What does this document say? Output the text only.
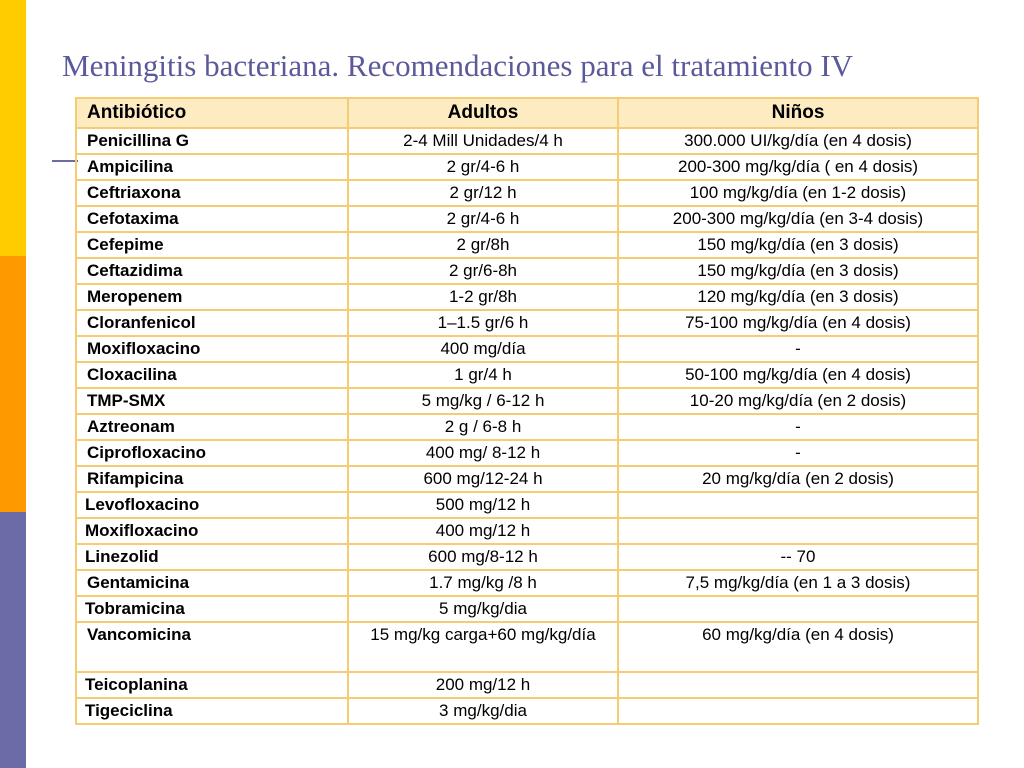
Meningitis bacteriana. Recomendaciones para el tratamiento IV
Antibiótico	Adultos	Niños
Penicillina G	2-4 Mill Unidades/4 h	300.000 UI/kg/día (en 4 dosis)
Ampicilina	2 gr/4-6 h	200-300 mg/kg/día ( en 4 dosis)
Ceftriaxona	2 gr/12 h	100 mg/kg/día (en 1-2 dosis)
Cefotaxima	2 gr/4-6 h	200-300 mg/kg/día (en 3-4 dosis)
Cefepime	2 gr/8h	150 mg/kg/día (en 3 dosis)
Ceftazidima	2 gr/6-8h	150 mg/kg/día (en 3 dosis)
Meropenem	1-2 gr/8h	120 mg/kg/día (en 3 dosis)
Cloranfenicol	1–1.5 gr/6 h	75-100 mg/kg/día (en 4 dosis)
Moxifloxacino	400 mg/día	-
Cloxacilina	1 gr/4 h	50-100 mg/kg/día (en 4 dosis)
TMP-SMX	5 mg/kg / 6-12 h	10-20 mg/kg/día (en 2 dosis)
Aztreonam	2 g / 6-8 h	-
Ciprofloxacino	400 mg/ 8-12 h	-
Rifampicina	600 mg/12-24 h	20 mg/kg/día (en 2 dosis)
Levofloxacino	500 mg/12 h	
Moxifloxacino	400 mg/12 h	
Linezolid	600 mg/8-12 h	-- 70
Gentamicina	1.7 mg/kg /8 h	7,5 mg/kg/día (en 1 a 3 dosis)
Tobramicina	5 mg/kg/dia	
Vancomicina	15 mg/kg carga+60 mg/kg/día	60 mg/kg/día (en 4 dosis)
Teicoplanina	200 mg/12 h	
Tigeciclina	3 mg/kg/dia	
